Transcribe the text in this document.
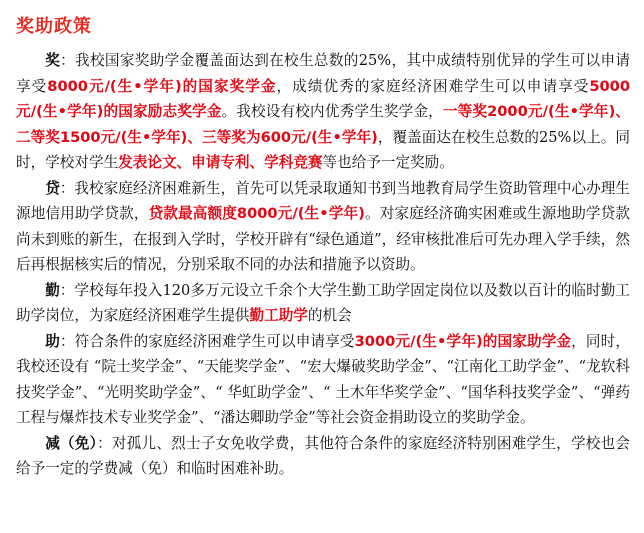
奖助政策

奖：我校国家奖助学金覆盖面达到在校生总数的25%，其中成绩特别优异的学生可以申请享受8000元/(生•学年)的国家奖学金，成绩优秀的家庭经济困难学生可以申请享受5000元/(生•学年)的国家励志奖学金。我校设有校内优秀学生奖学金，一等奖2000元/(生•学年)、二等奖1500元/(生•学年)、三等奖为600元/(生•学年)，覆盖面达在校生总数的25%以上。同时，学校对学生发表论文、申请专利、学科竞赛等也给予一定奖励。

贷：我校家庭经济困难新生，首先可以凭录取通知书到当地教育局学生资助管理中心办理生源地信用助学贷款，贷款最高额度8000元/(生•学年)。对家庭经济确实困难或生源地助学贷款尚未到账的新生，在报到入学时，学校开辟有“绿色通道”，经审核批准后可先办理入学手续，然后再根据核实后的情况，分别采取不同的办法和措施予以资助。

勤：学校每年投入120多万元设立千余个大学生勤工助学固定岗位以及数以百计的临时勤工助学岗位，为家庭经济困难学生提供勤工助学的机会

助：符合条件的家庭经济困难学生可以申请享受3000元/(生•学年)的国家助学金，同时，我校还设有 “院士奖学金”、“天能奖学金”、“宏大爆破奖助学金”、“江南化工助学金”、“龙软科技奖学金”、“光明奖助学金”、“ 华虹助学金”、“ 土木年华奖学金”、“国华科技奖学金”、“弹药工程与爆炸技术专业奖学金”、“潘达卿助学金”等社会资金捐助设立的奖助学金。

减（免）：对孤儿、烈士子女免收学费，其他符合条件的家庭经济特别困难学生，学校也会给予一定的学费减（免）和临时困难补助。
